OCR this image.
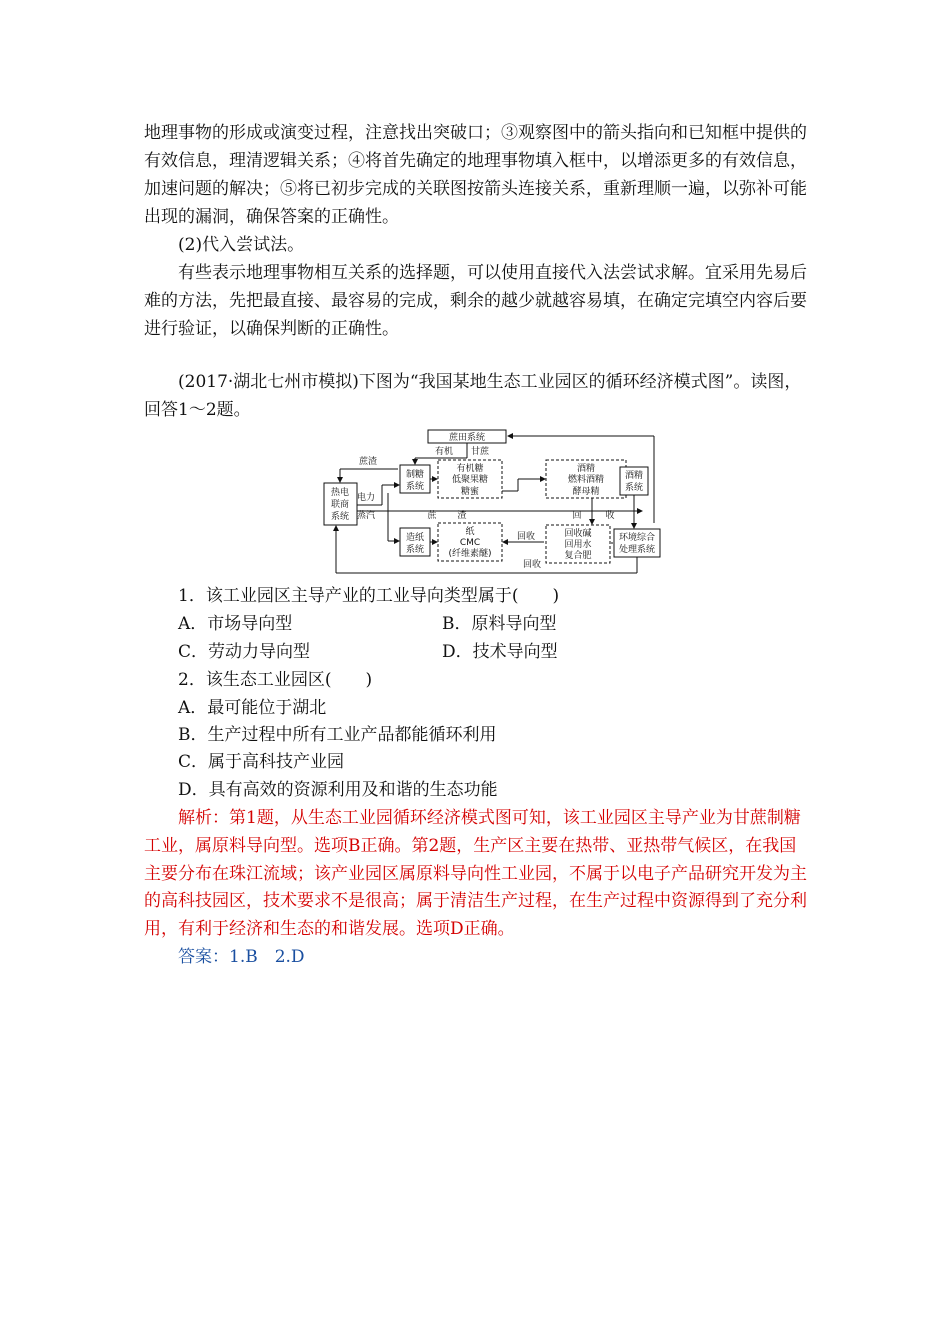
地理事物的形成或演变过程，注意找出突破口；③观察图中的箭头指向和已知框中提供的
有效信息，理清逻辑关系；④将首先确定的地理事物填入框中，以增添更多的有效信息，
加速问题的解决；⑤将已初步完成的关联图按箭头连接关系，重新理顺一遍，以弥补可能
出现的漏洞，确保答案的正确性。
(2)代入尝试法。
有些表示地理事物相互关系的选择题，可以使用直接代入法尝试求解。宜采用先易后
难的方法，先把最直接、最容易的完成，剩余的越少就越容易填，在确定完填空内容后要
进行验证，以确保判断的正确性。
(2017·湖北七州市模拟)下图为“我国某地生态工业园区的循环经济模式图”。读图，
回答1～2题。
蔗田系统
有机 甘蔗
热电
联商
系统
蔗渣
制糖
系统
有机糖
低聚果糖
糖蜜
电力
蒸汽
酒精
燃料酒精
酵母精
酒精
系统
蔗 渣	回	收
造纸
系统
纸
CMC
(纤维素醚)
回收	回收碱
回用水
复合肥
环境综合
处理系统
回收
1．该工业园区主导产业的工业导向类型属于(　　)
A．市场导向型	B．原料导向型
C．劳动力导向型	D．技术导向型
2．该生态工业园区(　　)
A．最可能位于湖北
B．生产过程中所有工业产品都能循环利用
C．属于高科技产业园
D．具有高效的资源利用及和谐的生态功能
解析：第1题，从生态工业园循环经济模式图可知，该工业园区主导产业为甘蔗制糖
工业，属原料导向型。选项B正确。第2题，生产区主要在热带、亚热带气候区，在我国
主要分布在珠江流域；该产业园区属原料导向性工业园，不属于以电子产品研究开发为主
的高科技园区，技术要求不是很高；属于清洁生产过程，在生产过程中资源得到了充分利
用，有利于经济和生态的和谐发展。选项D正确。
答案：1.B　2.D
